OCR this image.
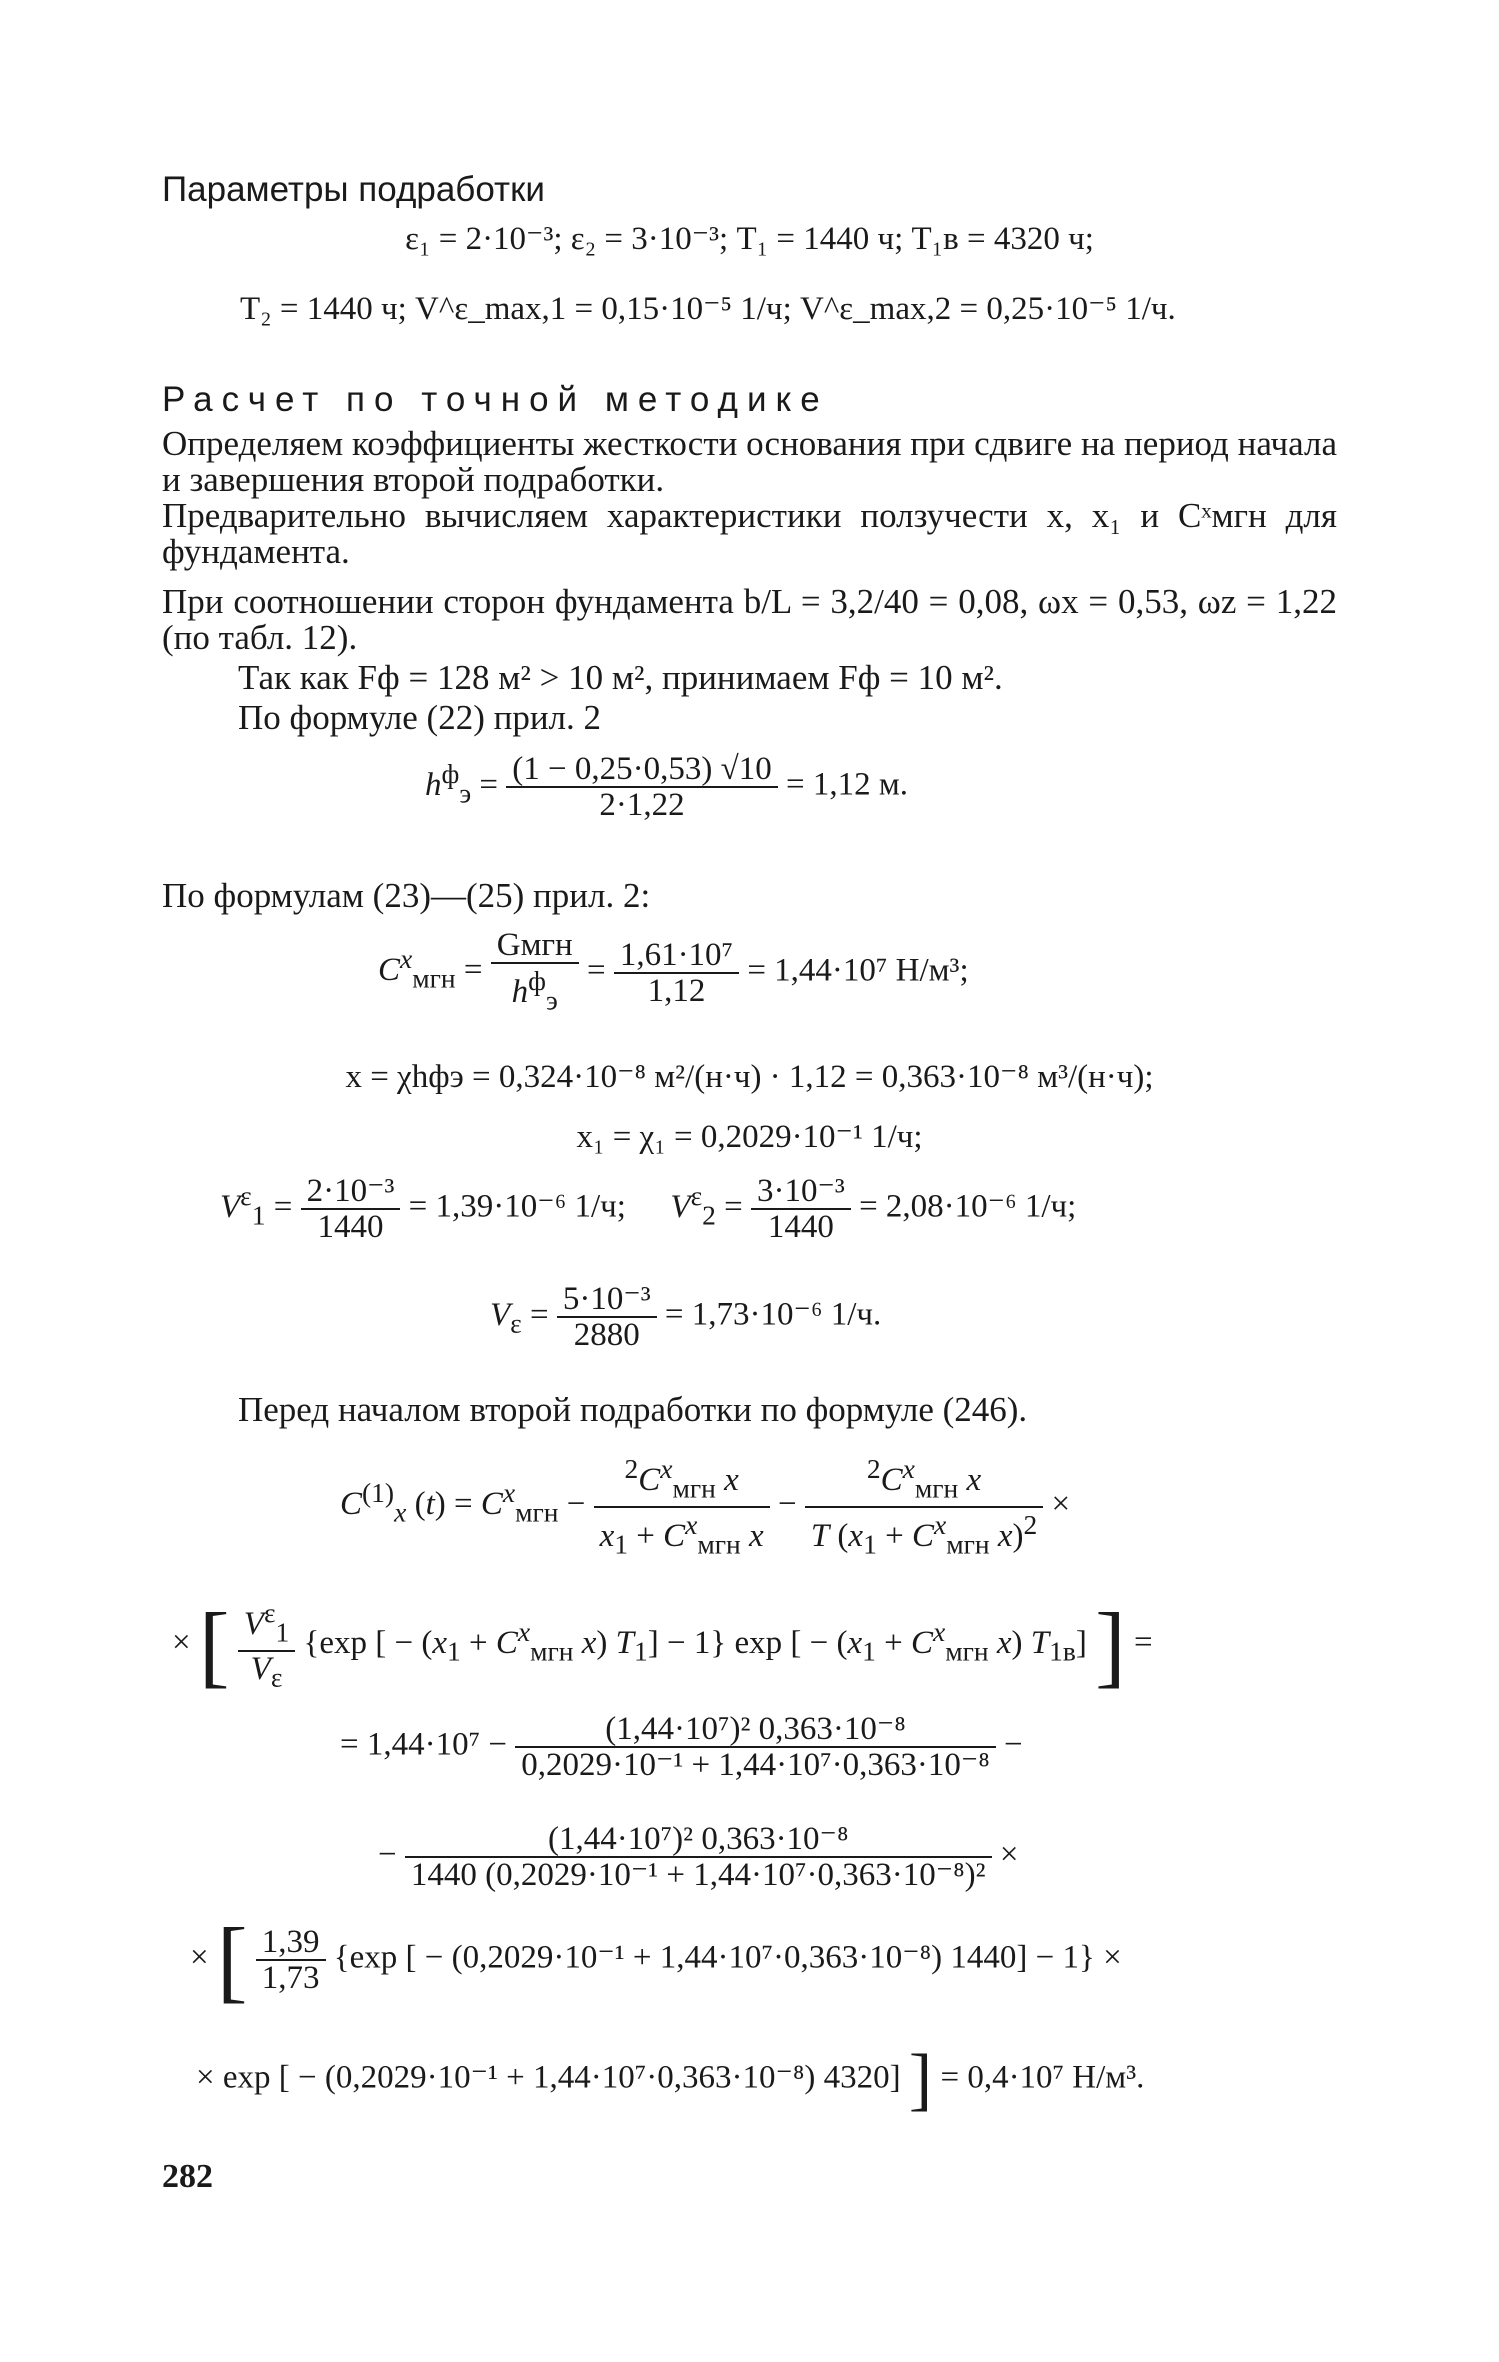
Параметры подработки
ε₁ = 2·10⁻³; ε₂ = 3·10⁻³; T₁ = 1440 ч; T₁в = 4320 ч;
T₂ = 1440 ч; V^ε_max,1 = 0,15·10⁻⁵ 1/ч; V^ε_max,2 = 0,25·10⁻⁵ 1/ч.
Расчет по точной методике
Определяем коэффициенты жесткости основания при сдвиге на период начала и завершения второй подработки.
Предварительно вычисляем характеристики ползучести x, x₁ и Cˣмгн для фундамента.
При соотношении сторон фундамента b/L = 3,2/40 = 0,08, ωx = 0,53, ωz = 1,22 (по табл. 12).
Так как Fф = 128 м² > 10 м², принимаем Fф = 10 м².
По формуле (22) прил. 2
$h^ф_э = \frac{(1 - 0,25\cdot 0,53) √10}{2\cdot 1,22} = 1,12$ м.
По формулам (23)—(25) прил. 2:
$C^x_{мгн} = \frac{\text{Gмгн}}{h^ф_э} = \frac{\text{1,61·10⁷}}{1,12} = 1,44\cdot 10^7$ Н/м³;
x = χhфэ = 0,324·10⁻⁸ м²/(н·ч) · 1,12 = 0,363·10⁻⁸ м³/(н·ч);
x₁ = χ₁ = 0,2029·10⁻¹ 1/ч;
$V^\varepsilon_1 = \frac{\text{2·10⁻³}}{1440} = 1,39\cdot 10^{-6}$ 1/ч; $V^\varepsilon_2 = \frac{\text{3·10⁻³}}{1440} = 2,08\cdot 10^{-6}$ 1/ч;
$V_\varepsilon = \frac{\text{5·10⁻³}}{2880} = 1,73\cdot 10^{-6}$ 1/ч.
Перед началом второй подработки по формуле (246).
$C^{(1)}_x$ $(t) = C^x_{мгн} - \frac{^2C^x_{мгн} x}{x_1 + C^x_{мгн} x} - \frac{^2C^x_{мгн} x}{T (x_1 + C^x_{мгн} x)^2}$ ×
× [ $\frac{V^\varepsilon_1}{V_\varepsilon} \{\exp$ [ − ($x_1 + C^x_{мгн}$ x) $T_1] - 1$} exp [ − ($x_1 + C^x_{мгн}$ x) $T_{1в}$] ] =
= $1,44\cdot 10^7 - \frac{\text{(1,44·10⁷)² 0,363·10⁻⁸}}{\text{0,2029·10⁻¹ + 1,44·10⁷·0,363·10⁻⁸}}$ −
− $\frac{\text{(1,44·10⁷)² 0,363·10⁻⁸}}{\text{1440 (0,2029·10⁻¹ + 1,44·10⁷·0,363·10⁻⁸)²}}$ ×
× [ $\frac{1,39}{1,73} \{\exp$ [ − (0,2029·10⁻¹ + 1,44·10⁷·0,363·10⁻⁸) 1440] − 1} ×
× exp [ − (0,2029·10⁻¹ + 1,44·10⁷·0,363·10⁻⁸) 4320] ] = 0,4·10⁷ Н/м³.
282
